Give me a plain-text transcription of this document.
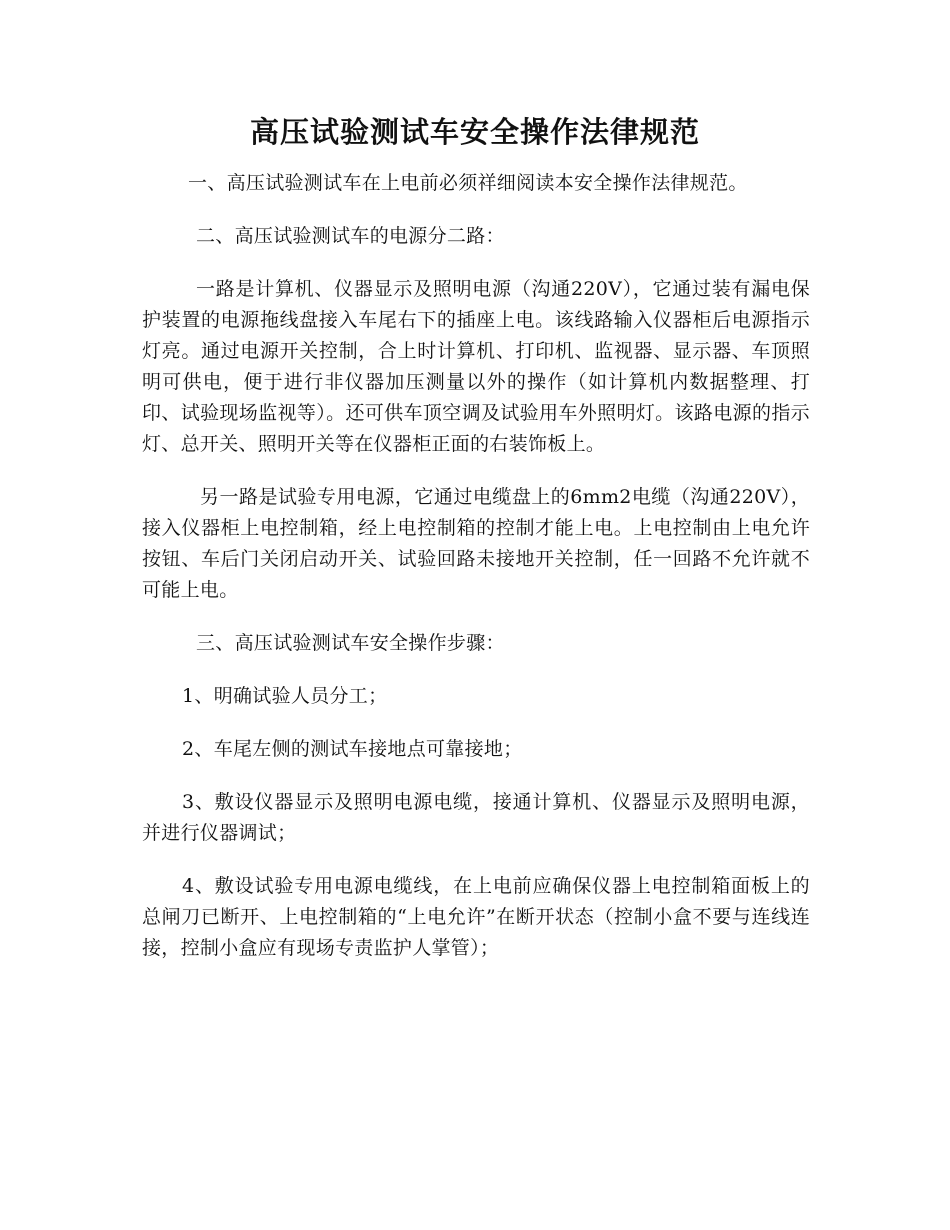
高压试验测试车安全操作法律规范

一、高压试验测试车在上电前必须祥细阅读本安全操作法律规范。

二、高压试验测试车的电源分二路：

一路是计算机、仪器显示及照明电源（沟通220V），它通过装有漏电保护装置的电源拖线盘接入车尾右下的插座上电。该线路输入仪器柜后电源指示灯亮。通过电源开关控制，合上时计算机、打印机、监视器、显示器、车顶照明可供电，便于进行非仪器加压测量以外的操作（如计算机内数据整理、打印、试验现场监视等）。还可供车顶空调及试验用车外照明灯。该路电源的指示灯、总开关、照明开关等在仪器柜正面的右装饰板上。

另一路是试验专用电源，它通过电缆盘上的6mm2电缆（沟通220V），接入仪器柜上电控制箱，经上电控制箱的控制才能上电。上电控制由上电允许按钮、车后门关闭启动开关、试验回路未接地开关控制，任一回路不允许就不可能上电。

三、高压试验测试车安全操作步骤：

1、明确试验人员分工；

2、车尾左侧的测试车接地点可靠接地；

3、敷设仪器显示及照明电源电缆，接通计算机、仪器显示及照明电源，并进行仪器调试；

4、敷设试验专用电源电缆线，在上电前应确保仪器上电控制箱面板上的总闸刀已断开、上电控制箱的“上电允许”在断开状态（控制小盒不要与连线连接，控制小盒应有现场专责监护人掌管）；
